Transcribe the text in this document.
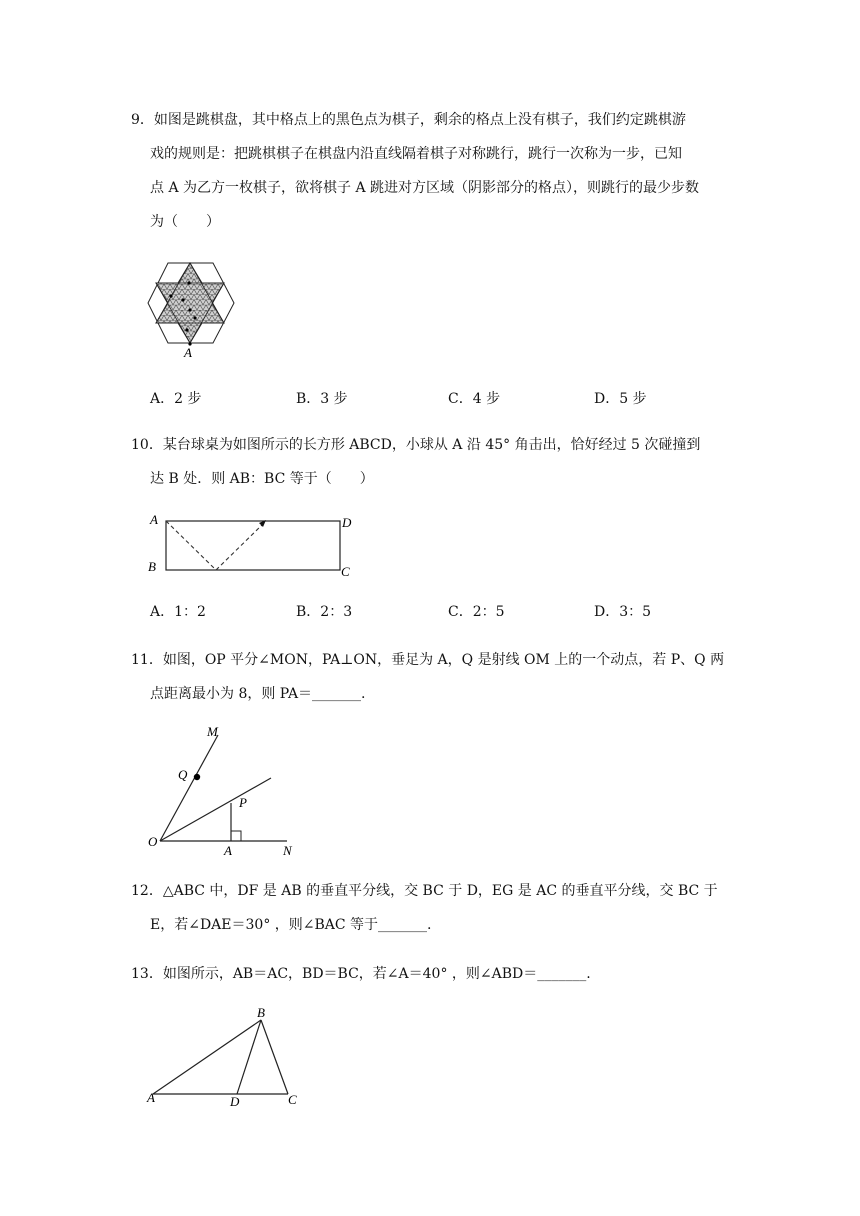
9．如图是跳棋盘，其中格点上的黑色点为棋子，剩余的格点上没有棋子，我们约定跳棋游
戏的规则是：把跳棋棋子在棋盘内沿直线隔着棋子对称跳行，跳行一次称为一步，已知
点 A 为乙方一枚棋子，欲将棋子 A 跳进对方区域（阴影部分的格点），则跳行的最少步数
为（　　）
A
A．2 步	B．3 步	C．4 步	D．5 步
10．某台球桌为如图所示的长方形 ABCD，小球从 A 沿 45° 角击出，恰好经过 5 次碰撞到
达 B 处．则 AB：BC 等于（　　）
A
B
D
C
A．1：2	B．2：3	C．2：5	D．3：5
11．如图，OP 平分∠MON，PA⊥ON，垂足为 A，Q 是射线 OM 上的一个动点，若 P、Q 两
点距离最小为 8，则 PA＝_______.
M
Q
P
O
A	N
12．△ABC 中，DF 是 AB 的垂直平分线，交 BC 于 D，EG 是 AC 的垂直平分线，交 BC 于
E，若∠DAE＝30° ，则∠BAC 等于_______.
13．如图所示，AB＝AC，BD＝BC，若∠A＝40° ，则∠ABD＝_______.
B
A	D	C
